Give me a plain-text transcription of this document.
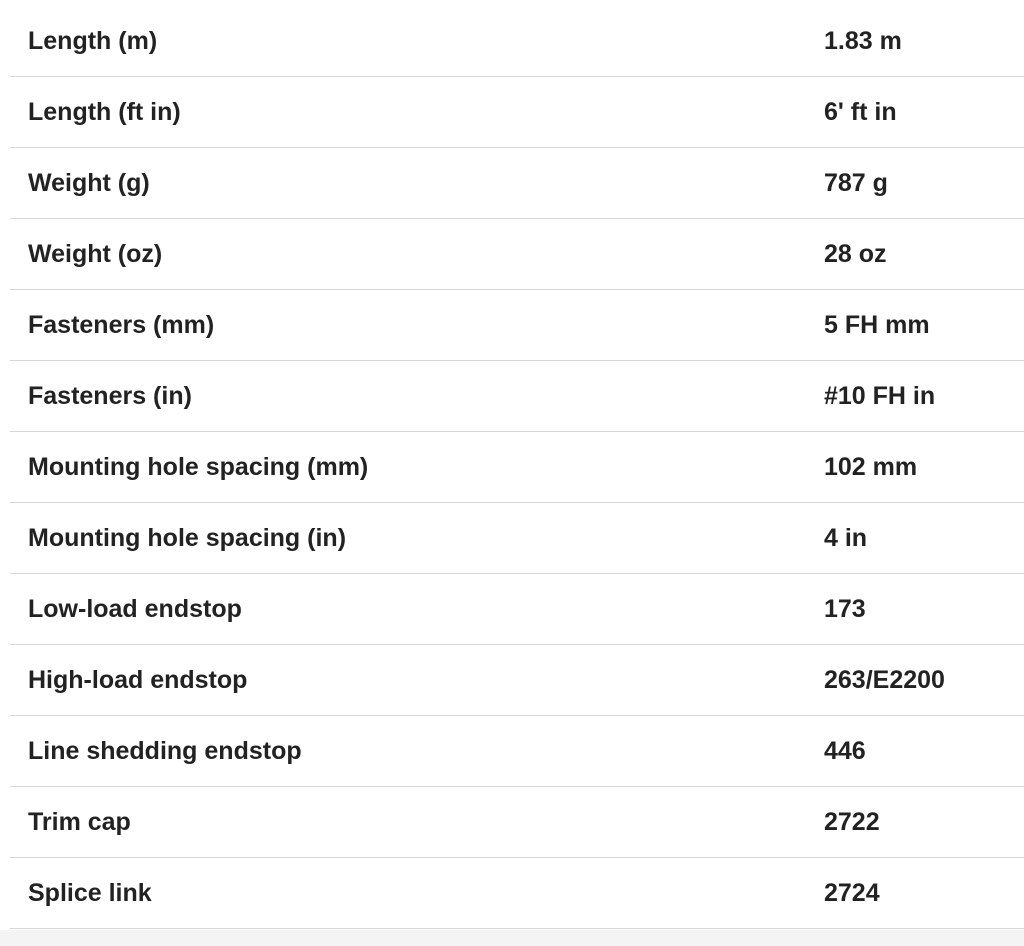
Length (m)	1.83 m
Length (ft in)	6' ft in
Weight (g)	787 g
Weight (oz)	28 oz
Fasteners (mm)	5 FH mm
Fasteners (in)	#10 FH in
Mounting hole spacing (mm)	102 mm
Mounting hole spacing (in)	4 in
Low-load endstop	173
High-load endstop	263/E2200
Line shedding endstop	446
Trim cap	2722
Splice link	2724
